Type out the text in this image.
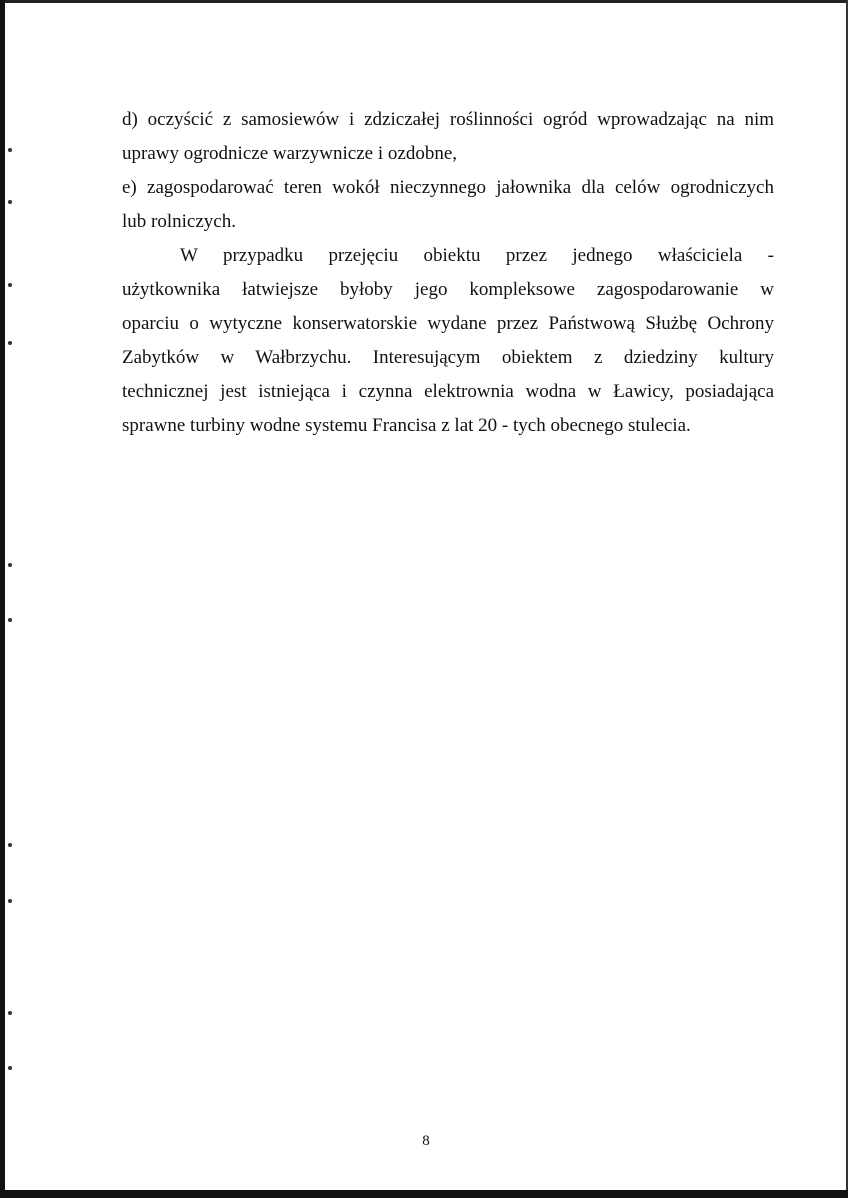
d) oczyścić z samosiewów i zdziczałej roślinności ogród wprowadzając na nim

uprawy ogrodnicze warzywnicze i ozdobne,

e) zagospodarować teren wokół nieczynnego jałownika dla celów ogrodniczych

lub rolniczych.

W przypadku przejęciu obiektu przez jednego właściciela -

użytkownika łatwiejsze byłoby jego kompleksowe zagospodarowanie w

oparciu o wytyczne konserwatorskie wydane przez Państwową Służbę Ochrony

Zabytków w Wałbrzychu. Interesującym obiektem z dziedziny kultury

technicznej jest istniejąca i czynna elektrownia wodna w Ławicy, posiadająca

sprawne turbiny wodne systemu Francisa z lat 20 - tych obecnego stulecia.

8
